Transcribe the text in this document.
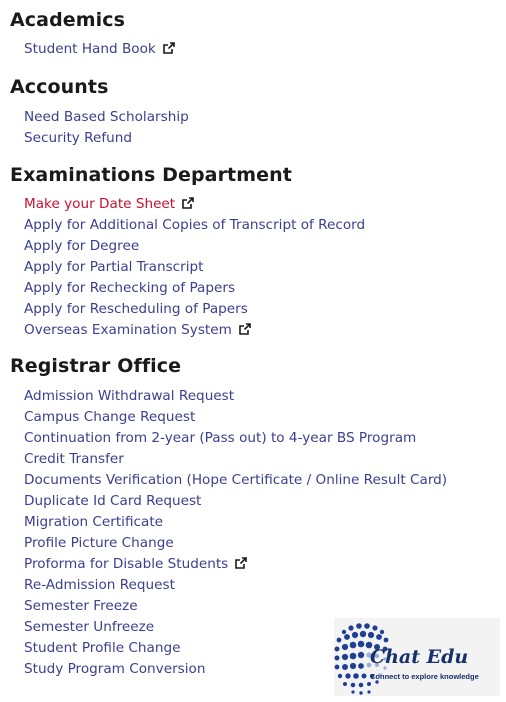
Academics
Student Hand Book
Accounts
Need Based Scholarship
Security Refund
Examinations Department
Make your Date Sheet
Apply for Additional Copies of Transcript of Record
Apply for Degree
Apply for Partial Transcript
Apply for Rechecking of Papers
Apply for Rescheduling of Papers
Overseas Examination System
Registrar Office
Admission Withdrawal Request
Campus Change Request
Continuation from 2-year (Pass out) to 4-year BS Program
Credit Transfer
Documents Verification (Hope Certificate / Online Result Card)
Duplicate Id Card Request
Migration Certificate
Profile Picture Change
Proforma for Disable Students
Re-Admission Request
Semester Freeze
Semester Unfreeze
Student Profile Change
Study Program Conversion
Chat Edu
Connect to explore knowledge
